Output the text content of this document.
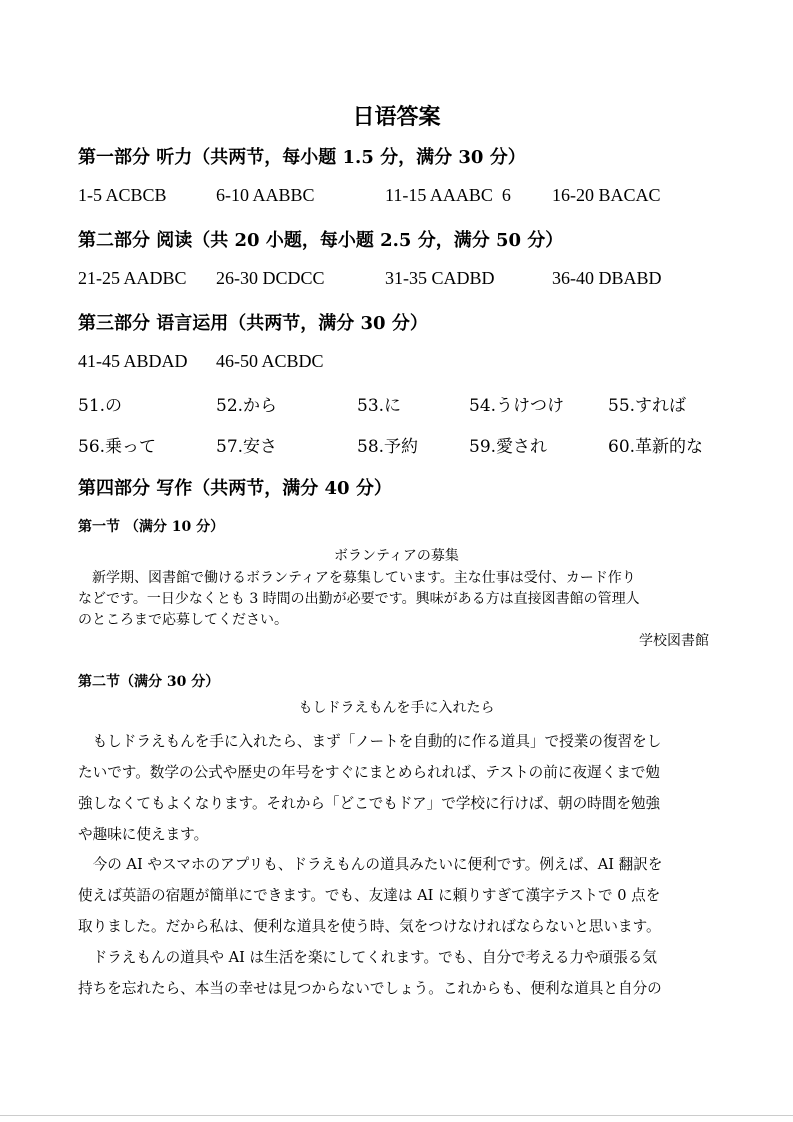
日语答案
第一部分 听力（共两节，每小题 1.5 分，满分 30 分）
1-5 ACBCB	6-10 AABBC	11-15 AAABC  6 16-20 BACAC
第二部分 阅读（共 20 小题，每小题 2.5 分，满分 50 分）
21-25 AADBC 26-30 DCDCC	31-35 CADBD	36-40 DBABD
第三部分 语言运用（共两节，满分 30 分）
41-45 ABDAD 46-50 ACBDC
51.の	52.から	53.に	54.うけつけ	55.すれば
56.乗って	57.安さ	58.予約	59.愛され	60.革新的な
第四部分 写作（共两节，满分 40 分）
第一节 （满分 10 分）
ボランティアの募集
　新学期、図書館で働けるボランティアを募集しています。主な仕事は受付、カード作り
などです。一日少なくとも 3 時間の出勤が必要です。興味がある方は直接図書館の管理人
のところまで応募してください。
学校図書館
第二节（满分 30 分）
もしドラえもんを手に入れたら
　もしドラえもんを手に入れたら、まず「ノートを自動的に作る道具」で授業の復習をし
たいです。数学の公式や歴史の年号をすぐにまとめられれば、テストの前に夜遅くまで勉
強しなくてもよくなります。それから「どこでもドア」で学校に行けば、朝の時間を勉強
や趣味に使えます。
　今の AI やスマホのアプリも、ドラえもんの道具みたいに便利です。例えば、AI 翻訳を
使えば英語の宿題が簡単にできます。でも、友達は AI に頼りすぎて漢字テストで 0 点を
取りました。だから私は、便利な道具を使う時、気をつけなければならないと思います。
　ドラえもんの道具や AI は生活を楽にしてくれます。でも、自分で考える力や頑張る気
持ちを忘れたら、本当の幸せは見つからないでしょう。これからも、便利な道具と自分の
